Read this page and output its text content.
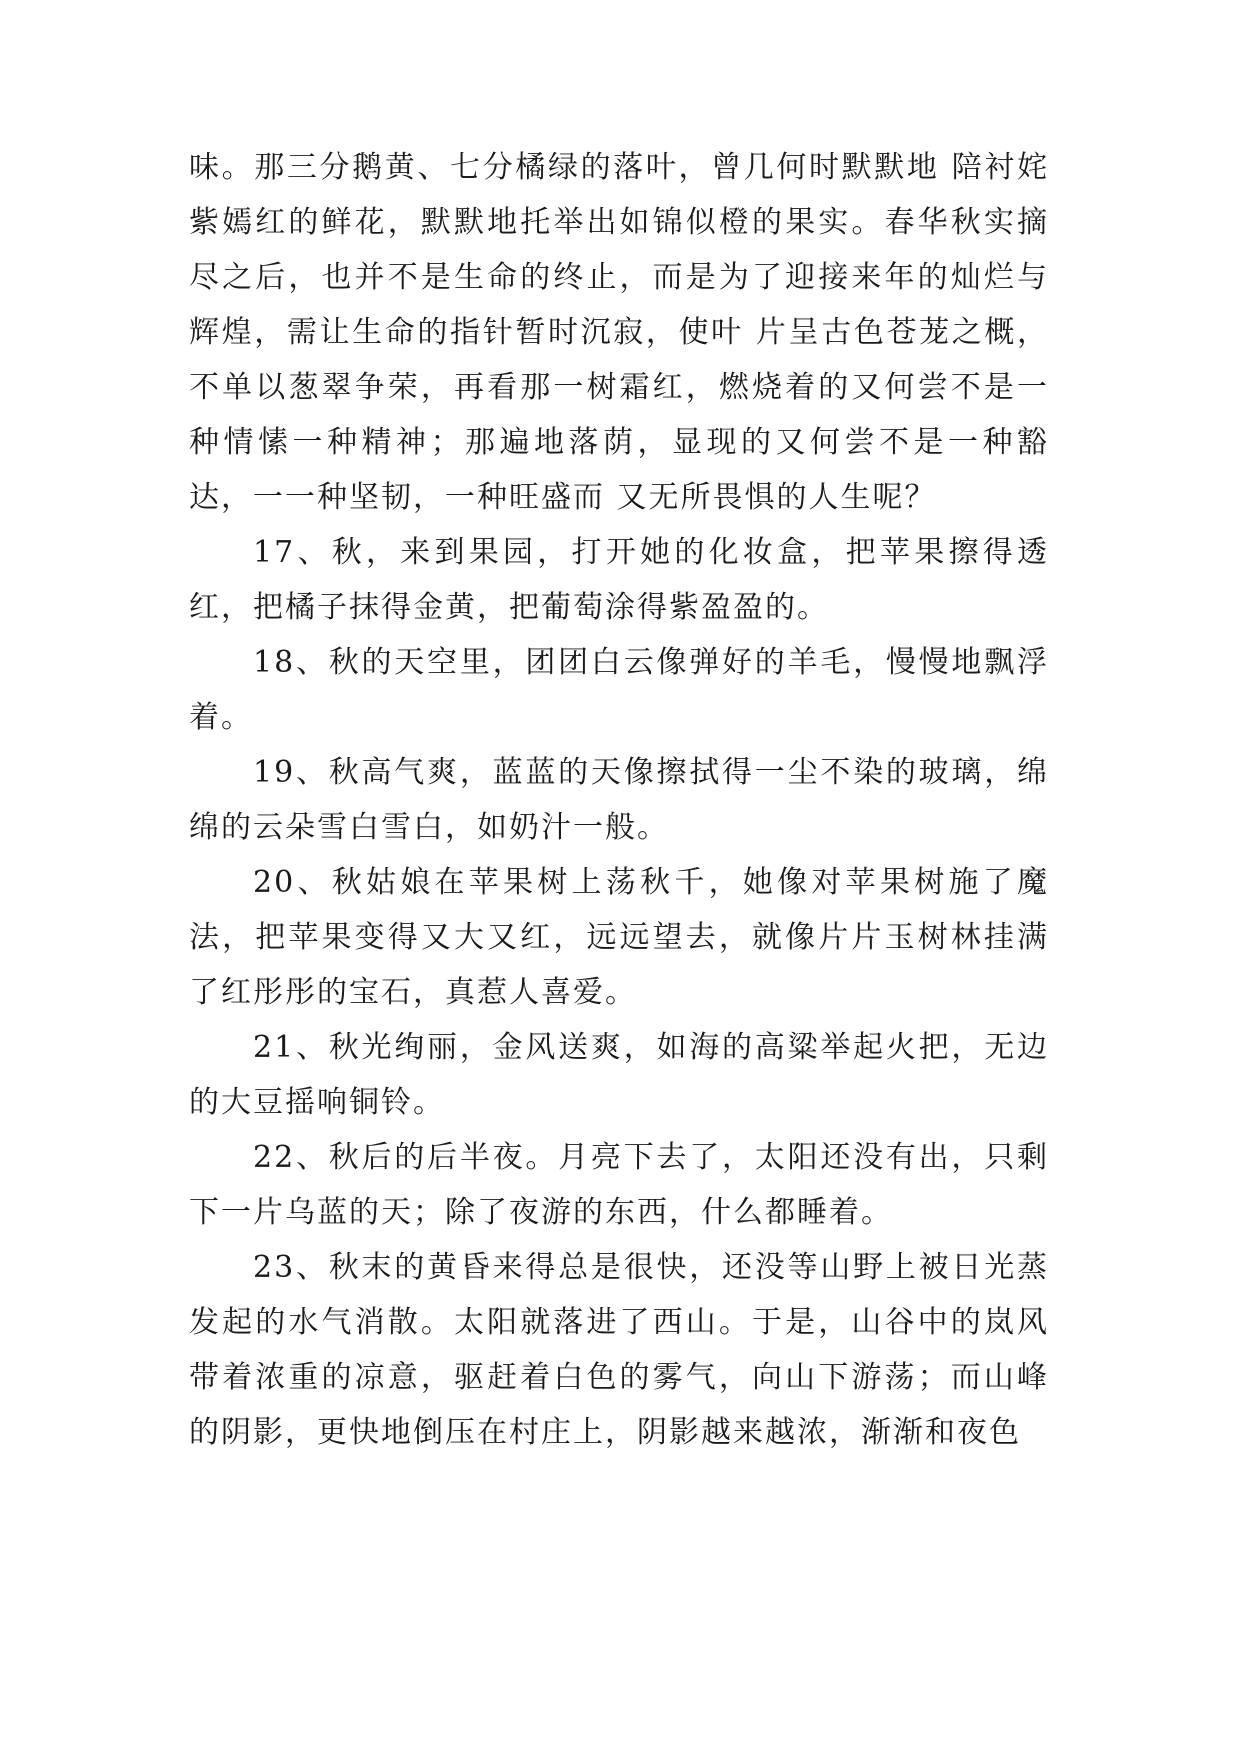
味。那三分鹅黄、七分橘绿的落叶，曾几何时默默地 陪衬姹紫嫣红的鲜花，默默地托举出如锦似橙的果实。春华秋实摘尽之后，也并不是生命的终止，而是为了迎接来年的灿烂与辉煌，需让生命的指针暂时沉寂，使叶 片呈古色苍茏之概，不单以葱翠争荣，再看那一树霜红，燃烧着的又何尝不是一种情愫一种精神；那遍地落荫，显现的又何尝不是一种豁达，一一种坚韧，一种旺盛而 又无所畏惧的人生呢？

17、秋，来到果园，打开她的化妆盒，把苹果擦得透红，把橘子抹得金黄，把葡萄涂得紫盈盈的。

18、秋的天空里，团团白云像弹好的羊毛，慢慢地飘浮着。

19、秋高气爽，蓝蓝的天像擦拭得一尘不染的玻璃，绵绵的云朵雪白雪白，如奶汁一般。

20、秋姑娘在苹果树上荡秋千，她像对苹果树施了魔法，把苹果变得又大又红，远远望去，就像片片玉树林挂满了红彤彤的宝石，真惹人喜爱。

21、秋光绚丽，金风送爽，如海的高粱举起火把，无边的大豆摇响铜铃。

22、秋后的后半夜。月亮下去了，太阳还没有出，只剩下一片乌蓝的天；除了夜游的东西，什么都睡着。

23、秋末的黄昏来得总是很快，还没等山野上被日光蒸发起的水气消散。太阳就落进了西山。于是，山谷中的岚风带着浓重的凉意，驱赶着白色的雾气，向山下游荡；而山峰的阴影，更快地倒压在村庄上，阴影越来越浓，渐渐和夜色
